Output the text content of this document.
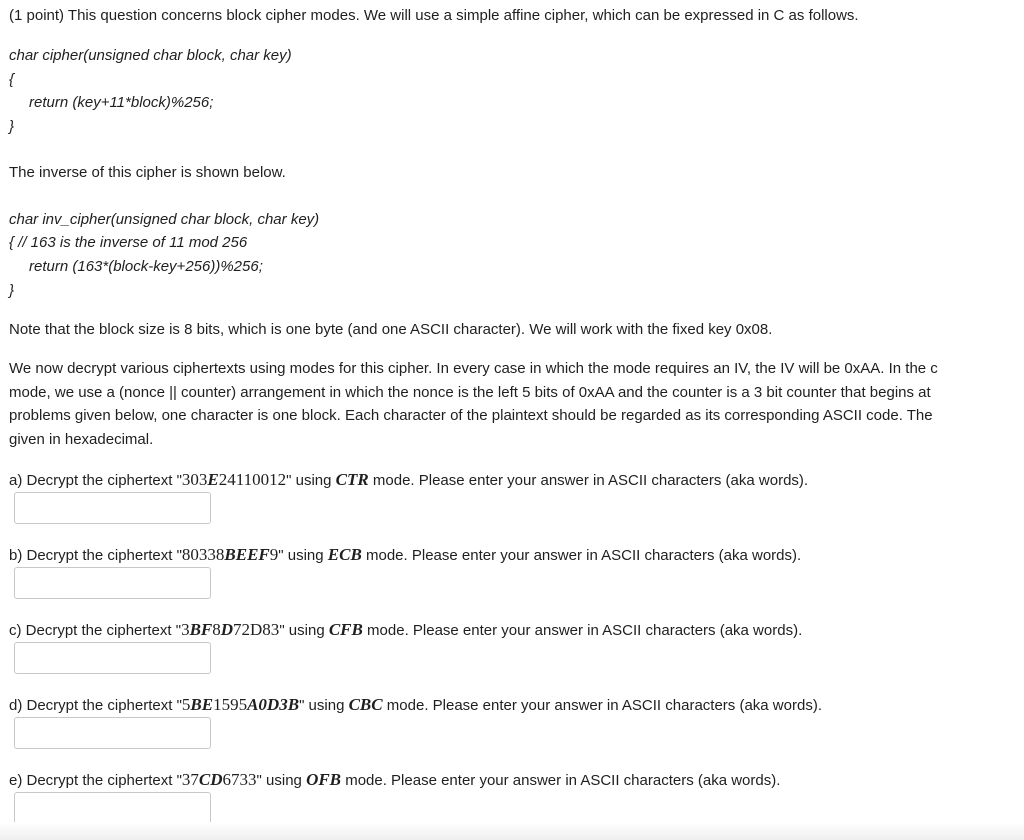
(1 point) This question concerns block cipher modes. We will use a simple affine cipher, which can be expressed in C as follows.
char cipher(unsigned char block, char key)
{
return (key+11*block)%256;
}
The inverse of this cipher is shown below.
char inv_cipher(unsigned char block, char key)
{ // 163 is the inverse of 11 mod 256
return (163*(block-key+256))%256;
}
Note that the block size is 8 bits, which is one byte (and one ASCII character). We will work with the fixed key 0x08.
We now decrypt various ciphertexts using modes for this cipher. In every case in which the mode requires an IV, the IV will be 0xAA. In the c
mode, we use a (nonce || counter) arrangement in which the nonce is the left 5 bits of 0xAA and the counter is a 3 bit counter that begins at
problems given below, one character is one block. Each character of the plaintext should be regarded as its corresponding ASCII code. The
given in hexadecimal.
a) Decrypt the ciphertext "303E24110012" using CTR mode. Please enter your answer in ASCII characters (aka words).
b) Decrypt the ciphertext "80338BEEF9" using ECB mode. Please enter your answer in ASCII characters (aka words).
c) Decrypt the ciphertext "3BF8D72D83" using CFB mode. Please enter your answer in ASCII characters (aka words).
d) Decrypt the ciphertext "5BE1595A0D3B" using CBC mode. Please enter your answer in ASCII characters (aka words).
e) Decrypt the ciphertext "37CD6733" using OFB mode. Please enter your answer in ASCII characters (aka words).
